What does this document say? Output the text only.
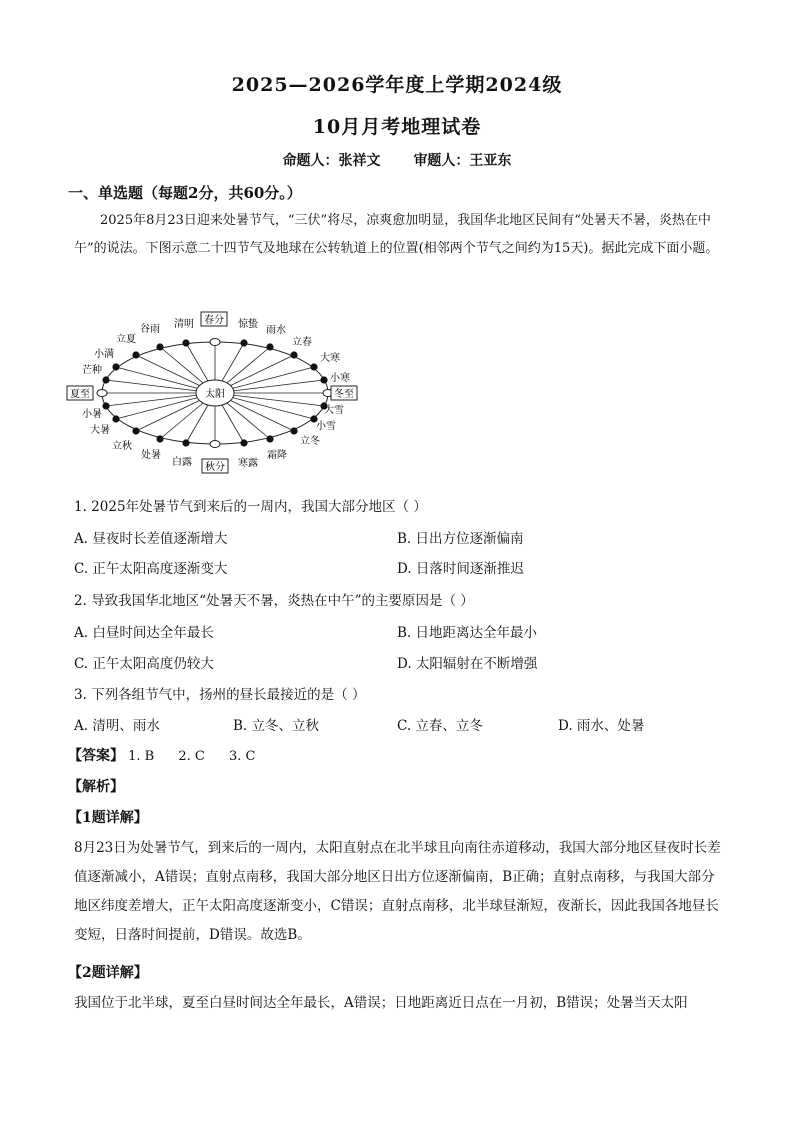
2025—2026学年度上学期2024级
10月月考地理试卷
命题人：张祥文 审题人：王亚东
一、单选题（每题2分，共60分。）
2025年8月23日迎来处暑节气，“三伏”将尽，凉爽愈加明显，我国华北地区民间有“处暑天不暑，炎热在中午”的说法。下图示意二十四节气及地球在公转轨道上的位置(相邻两个节气之间约为15天)。据此完成下面小题。
太阳
春分
秋分
夏至	冬至
清明
谷雨
立夏
小满
芒种
小暑
大暑
立秋
处暑
白露	寒露
霜降
立冬
小雪
大雪
小寒
大寒
立春
雨水
惊蛰
1. 2025年处暑节气到来后的一周内，我国大部分地区（ ）
A. 昼夜时长差值逐渐增大	B. 日出方位逐渐偏南
C. 正午太阳高度逐渐变大	D. 日落时间逐渐推迟
2. 导致我国华北地区“处暑天不暑，炎热在中午”的主要原因是（ ）
A. 白昼时间达全年最长	B. 日地距离达全年最小
C. 正午太阳高度仍较大	D. 太阳辐射在不断增强
3. 下列各组节气中，扬州的昼长最接近的是（ ）
A. 清明、雨水	B. 立冬、立秋	C. 立春、立冬	D. 雨水、处暑
【答案】 1. B 2. C 3. C
【解析】
【1题详解】
8月23日为处暑节气，到来后的一周内，太阳直射点在北半球且向南往赤道移动，我国大部分地区昼夜时长差值逐渐减小，A错误；直射点南移，我国大部分地区日出方位逐渐偏南，B正确；直射点南移，与我国大部分地区纬度差增大，正午太阳高度逐渐变小，C错误；直射点南移，北半球昼渐短，夜渐长，因此我国各地昼长变短，日落时间提前，D错误。故选B。
【2题详解】
我国位于北半球，夏至白昼时间达全年最长，A错误；日地距离近日点在一月初，B错误；处暑当天太阳
